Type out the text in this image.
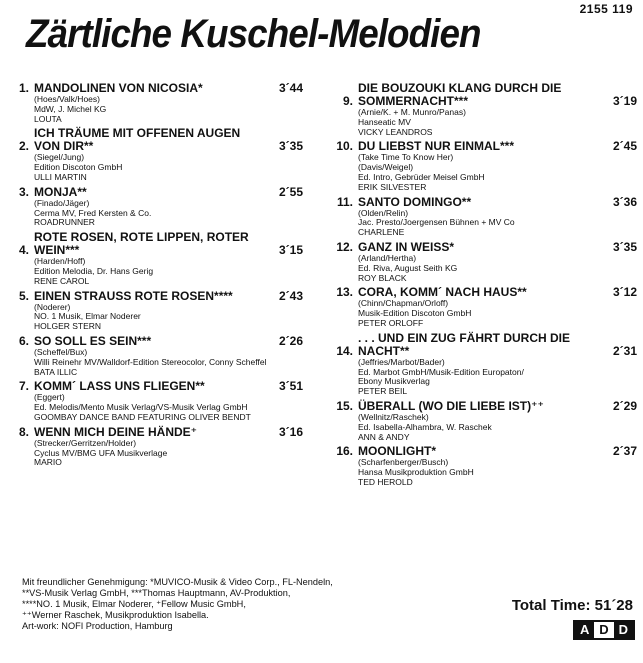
2155 119
Zärtliche Kuschel-Melodien
1. MANDOLINEN VON NICOSIA*	3´44
(Hoes/Valk/Hoes)
MdW, J. Michel KG
LOUTA
2.
ICH TRÄUME MIT OFFENEN AUGEN VON DIR**	3´35
(Siegel/Jung)
Edition Discoton GmbH
ULLI MARTIN
3. MONJA**	2´55
(Finado/Jäger)
Cerma MV, Fred Kersten & Co.
ROADRUNNER
4.
ROTE ROSEN, ROTE LIPPEN, ROTER WEIN***	3´15
(Harden/Hoff)
Edition Melodia, Dr. Hans Gerig
RENE CAROL
5. EINEN STRAUSS ROTE ROSEN****	2´43
(Noderer)
NO. 1 Musik, Elmar Noderer
HOLGER STERN
6. SO SOLL ES SEIN***	2´26
(Scheffel/Bux)
Willi Reinehr MV/Walldorf-Edition Stereocolor, Conny Scheffel
BATA ILLIC
7. KOMM´ LASS UNS FLIEGEN**	3´51
(Eggert)
Ed. Melodis/Mento Musik Verlag/VS-Musik Verlag GmbH
GOOMBAY DANCE BAND FEATURING OLIVER BENDT
8. WENN MICH DEINE HÄNDE⁺	3´16
(Strecker/Gerritzen/Holder)
Cyclus MV/BMG UFA Musikverlage
MARIO
9.
DIE BOUZOUKI KLANG DURCH DIE SOMMERNACHT***	3´19
(Arnie/K. + M. Munro/Panas)
Hanseatic MV
VICKY LEANDROS
10. DU LIEBST NUR EINMAL***	2´45
(Take Time To Know Her)
(Davis/Weigel)
Ed. Intro, Gebrüder Meisel GmbH
ERIK SILVESTER
11. SANTO DOMINGO**	3´36
(Olden/Relin)
Jac. Presto/Joergensen Bühnen + MV Co
CHARLENE
12. GANZ IN WEISS*	3´35
(Arland/Hertha)
Ed. Riva, August Seith KG
ROY BLACK
13. CORA, KOMM´ NACH HAUS**	3´12
(Chinn/Chapman/Orloff)
Musik-Edition Discoton GmbH
PETER ORLOFF
14.
. . . UND EIN ZUG FÄHRT DURCH DIE NACHT**	2´31
(Jeffries/Marbot/Bader)
Ed. Marbot GmbH/Musik-Edition Europaton/
Ebony Musikverlag
PETER BEIL
15. ÜBERALL (WO DIE LIEBE IST)⁺⁺	2´29
(Wellnitz/Raschek)
Ed. Isabella-Alhambra, W. Raschek
ANN & ANDY
16. MOONLIGHT*	2´37
(Scharfenberger/Busch)
Hansa Musikproduktion GmbH
TED HEROLD
Mit freundlicher Genehmigung: *MUVICO-Musik & Video Corp., FL-Nendeln,
**VS-Musik Verlag GmbH, ***Thomas Hauptmann, AV-Produktion,
****NO. 1 Musik, Elmar Noderer, ⁺Fellow Music GmbH,
⁺⁺Werner Raschek, Musikproduktion Isabella.
Art-work: NOFI Production, Hamburg
Total Time: 51´28
A D D
